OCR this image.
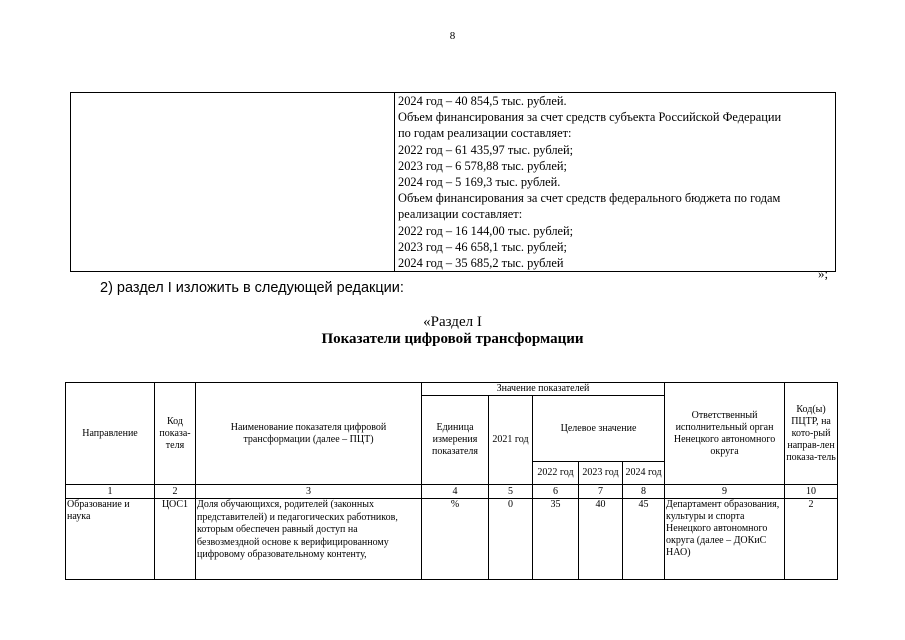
8

2024 год – 40 854,5 тыс. рублей.
Объем финансирования за счет средств субъекта Российской Федерации
по годам реализации составляет:
2022 год – 61 435,97 тыс. рублей;
2023 год – 6 578,88 тыс. рублей;
2024 год – 5 169,3 тыс. рублей.
Объем финансирования за счет средств федерального бюджета по годам
реализации составляет:
2022 год – 16 144,00 тыс. рублей;
2023 год – 46 658,1 тыс. рублей;
2024 год – 35 685,2 тыс. рублей
»;
2) раздел I изложить в следующей редакции:
«Раздел I
Показатели цифровой трансформации
Направление	Код показа-теля	Наименование показателя цифровой трансформации (далее – ПЦТ)	Значение показателей					Ответственный исполнительный орган Ненецкого автономного округа	Код(ы) ПЦТР, на кото-рый направ-лен показа-тель
			Единица измерения показателя	2021 год	Целевое значение				
					2022 год	2023 год	2024 год		
1	2	3	4	5	6	7	8	9	10
Образование и наука	ЦОС1	Доля обучающихся, родителей (законных представителей) и педагогических работников, которым обеспечен равный доступ на безвозмездной основе к верифицированному цифровому образовательному контенту,	%	0	35	40	45	Департамент образования, культуры и спорта Ненецкого автономного округа (далее – ДОКиС НАО)	2
